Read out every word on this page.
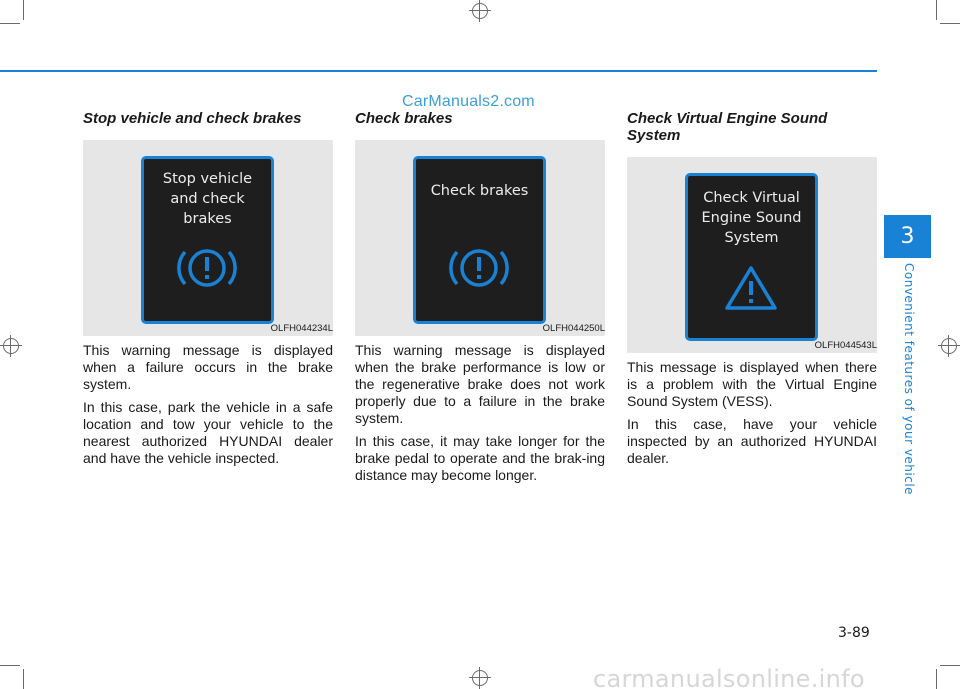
CarManuals2.com
Stop vehicle and check brakes
Stop vehicle
and check brakes
OLFH044234L

This warning message is displayed when a failure occurs in the brake system.

In this case, park the vehicle in a safe location and tow your vehicle to the nearest authorized HYUNDAI dealer and have the vehicle inspected.

Check brakes
Check brakes
OLFH044250L

This warning message is displayed when the brake performance is low or the regenerative brake does not work properly due to a failure in the brake system.

In this case, it may take longer for the brake pedal to operate and the brak-ing distance may become longer.

Check Virtual Engine Sound System
Check Virtual
Engine Sound
System
OLFH044543L

This message is displayed when there is a problem with the Virtual Engine Sound System (VESS).

In this case, have your vehicle inspected by an authorized HYUNDAI dealer.

3
Convenient features of your vehicle
3-89
carmanualsonline.info
